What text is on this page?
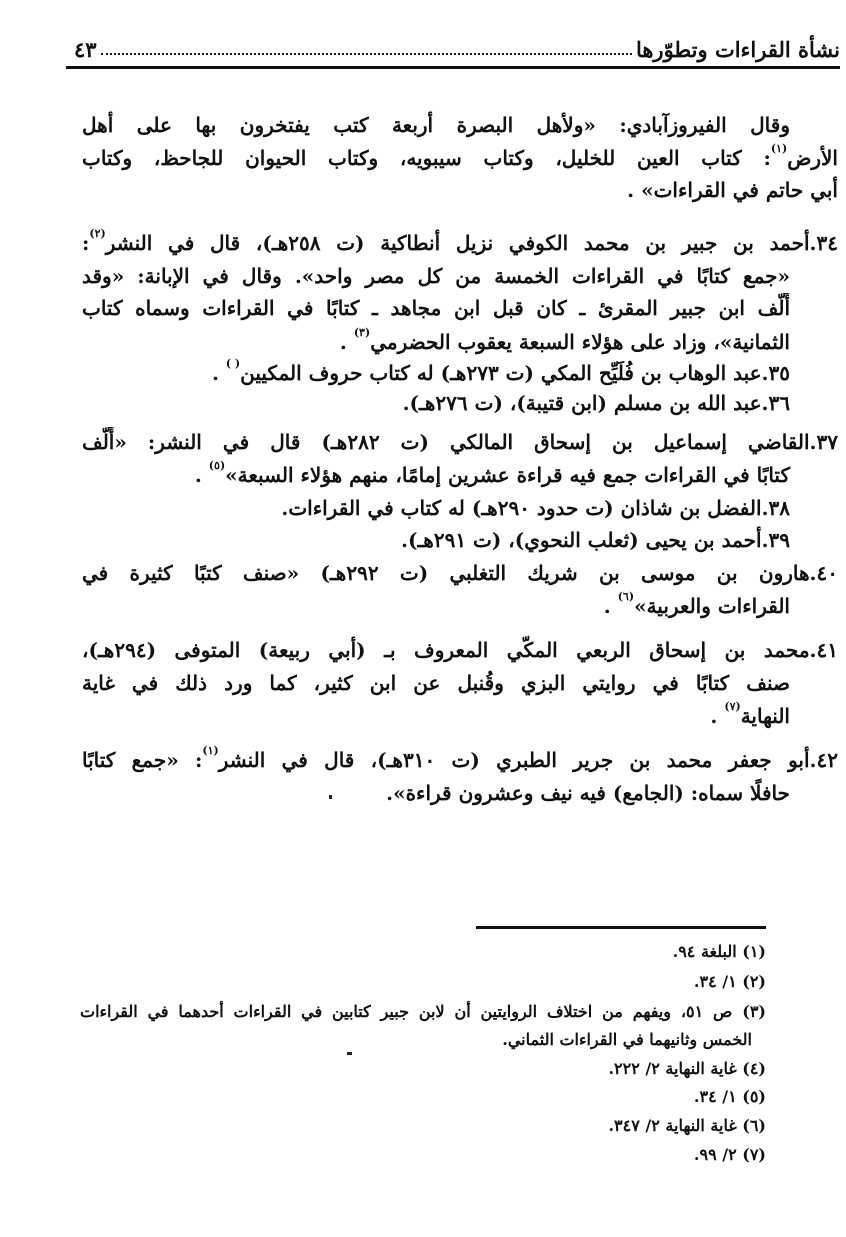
نشأة القراءات وتطوّرها
٤٣
وقال الفيروزآبادي: «ولأهل البصرة أربعة كتب يفتخرون بها على أهل
الأرض$^{(١)}$: كتاب العين للخليل، وكتاب سيبويه، وكتاب الحيوان للجاحظ، وكتاب
أبي حاتم في القراءات» .
٣٤.أحمد بن جبير بن محمد الكوفي نزيل أنطاكية (ت ٢٥٨هـ)، قال في النشر$^{(٢)}$:
«جمع كتابًا في القراءات الخمسة من كل مصر واحد». وقال في الإبانة: «وقد
أَلّف ابن جبير المقرئ ـ كان قبل ابن مجاهد ـ كتابًا في القراءات وسماه كتاب
الثمانية»، وزاد على هؤلاء السبعة يعقوب الحضرمي$^{(٣)}$ .
٣٥.عبد الوهاب بن فُلَيِّح المكي (ت ٢٧٣هـ) له كتاب حروف المكيين( ) .
٣٦.عبد الله بن مسلم (ابن قتيبة)، (ت ٢٧٦هـ).
٣٧.القاضي إسماعيل بن إسحاق المالكي (ت ٢٨٢هـ) قال في النشر: «أَلّف
كتابًا في القراءات جمع فيه قراءة عشرين إمامًا، منهم هؤلاء السبعة»$^{(٥)}$ .
٣٨.الفضل بن شاذان (ت حدود ٢٩٠هـ) له كتاب في القراءات.
٣٩.أحمد بن يحيى (ثعلب النحوي)، (ت ٢٩١هـ).
٤٠.هارون بن موسى بن شريك التغلبي (ت ٢٩٢هـ) «صنف كتبًا كثيرة في
القراءات والعربية»$^{(٦)}$ .
٤١.محمد بن إسحاق الربعي المكّي المعروف بـ (أبي ربيعة) المتوفى (٢٩٤هـ)،
صنف كتابًا في روايتي البزي وقُنبل عن ابن كثير، كما ورد ذلك في غاية
النهاية$^{(٧)}$ .
٤٢.أبو جعفر محمد بن جرير الطبري (ت ٣١٠هـ)، قال في النشر$^{(١)}$: «جمع كتابًا
حافلًا سماه: (الجامع) فيه نيف وعشرون قراءة».
(١) البلغة ٩٤.
(٢) ١/ ٣٤.
(٣) ص ٥١، ويفهم من اختلاف الروايتين أن لابن جبير كتابين في القراءات أحدهما في القراءات
الخمس وثانيهما في القراءات الثماني.
(٤) غاية النهاية ٢/ ٢٢٢.
(٥) ١/ ٣٤.
(٦) غاية النهاية ٢/ ٣٤٧.
(٧) ٢/ ٩٩.
